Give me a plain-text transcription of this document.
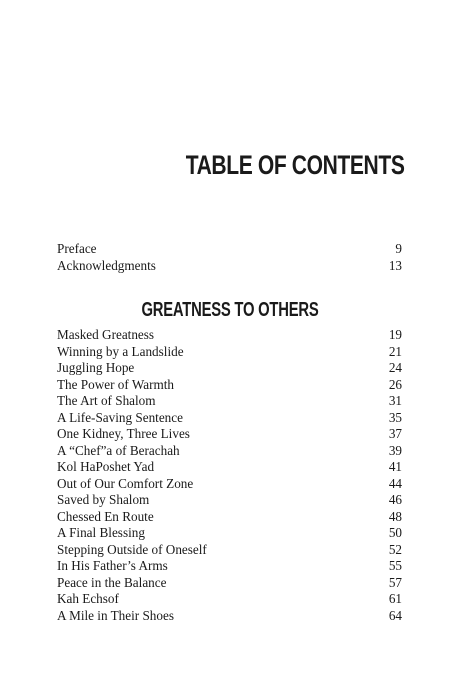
TABLE OF CONTENTS
Preface	9
Acknowledgments	13
GREATNESS TO OTHERS
Masked Greatness	19
Winning by a Landslide	21
Juggling Hope	24
The Power of Warmth	26
The Art of Shalom	31
A Life-Saving Sentence	35
One Kidney, Three Lives	37
A “Chef”a of Berachah	39
Kol HaPoshet Yad	41
Out of Our Comfort Zone	44
Saved by Shalom	46
Chessed En Route	48
A Final Blessing	50
Stepping Outside of Oneself	52
In His Father’s Arms	55
Peace in the Balance	57
Kah Echsof	61
A Mile in Their Shoes	64
